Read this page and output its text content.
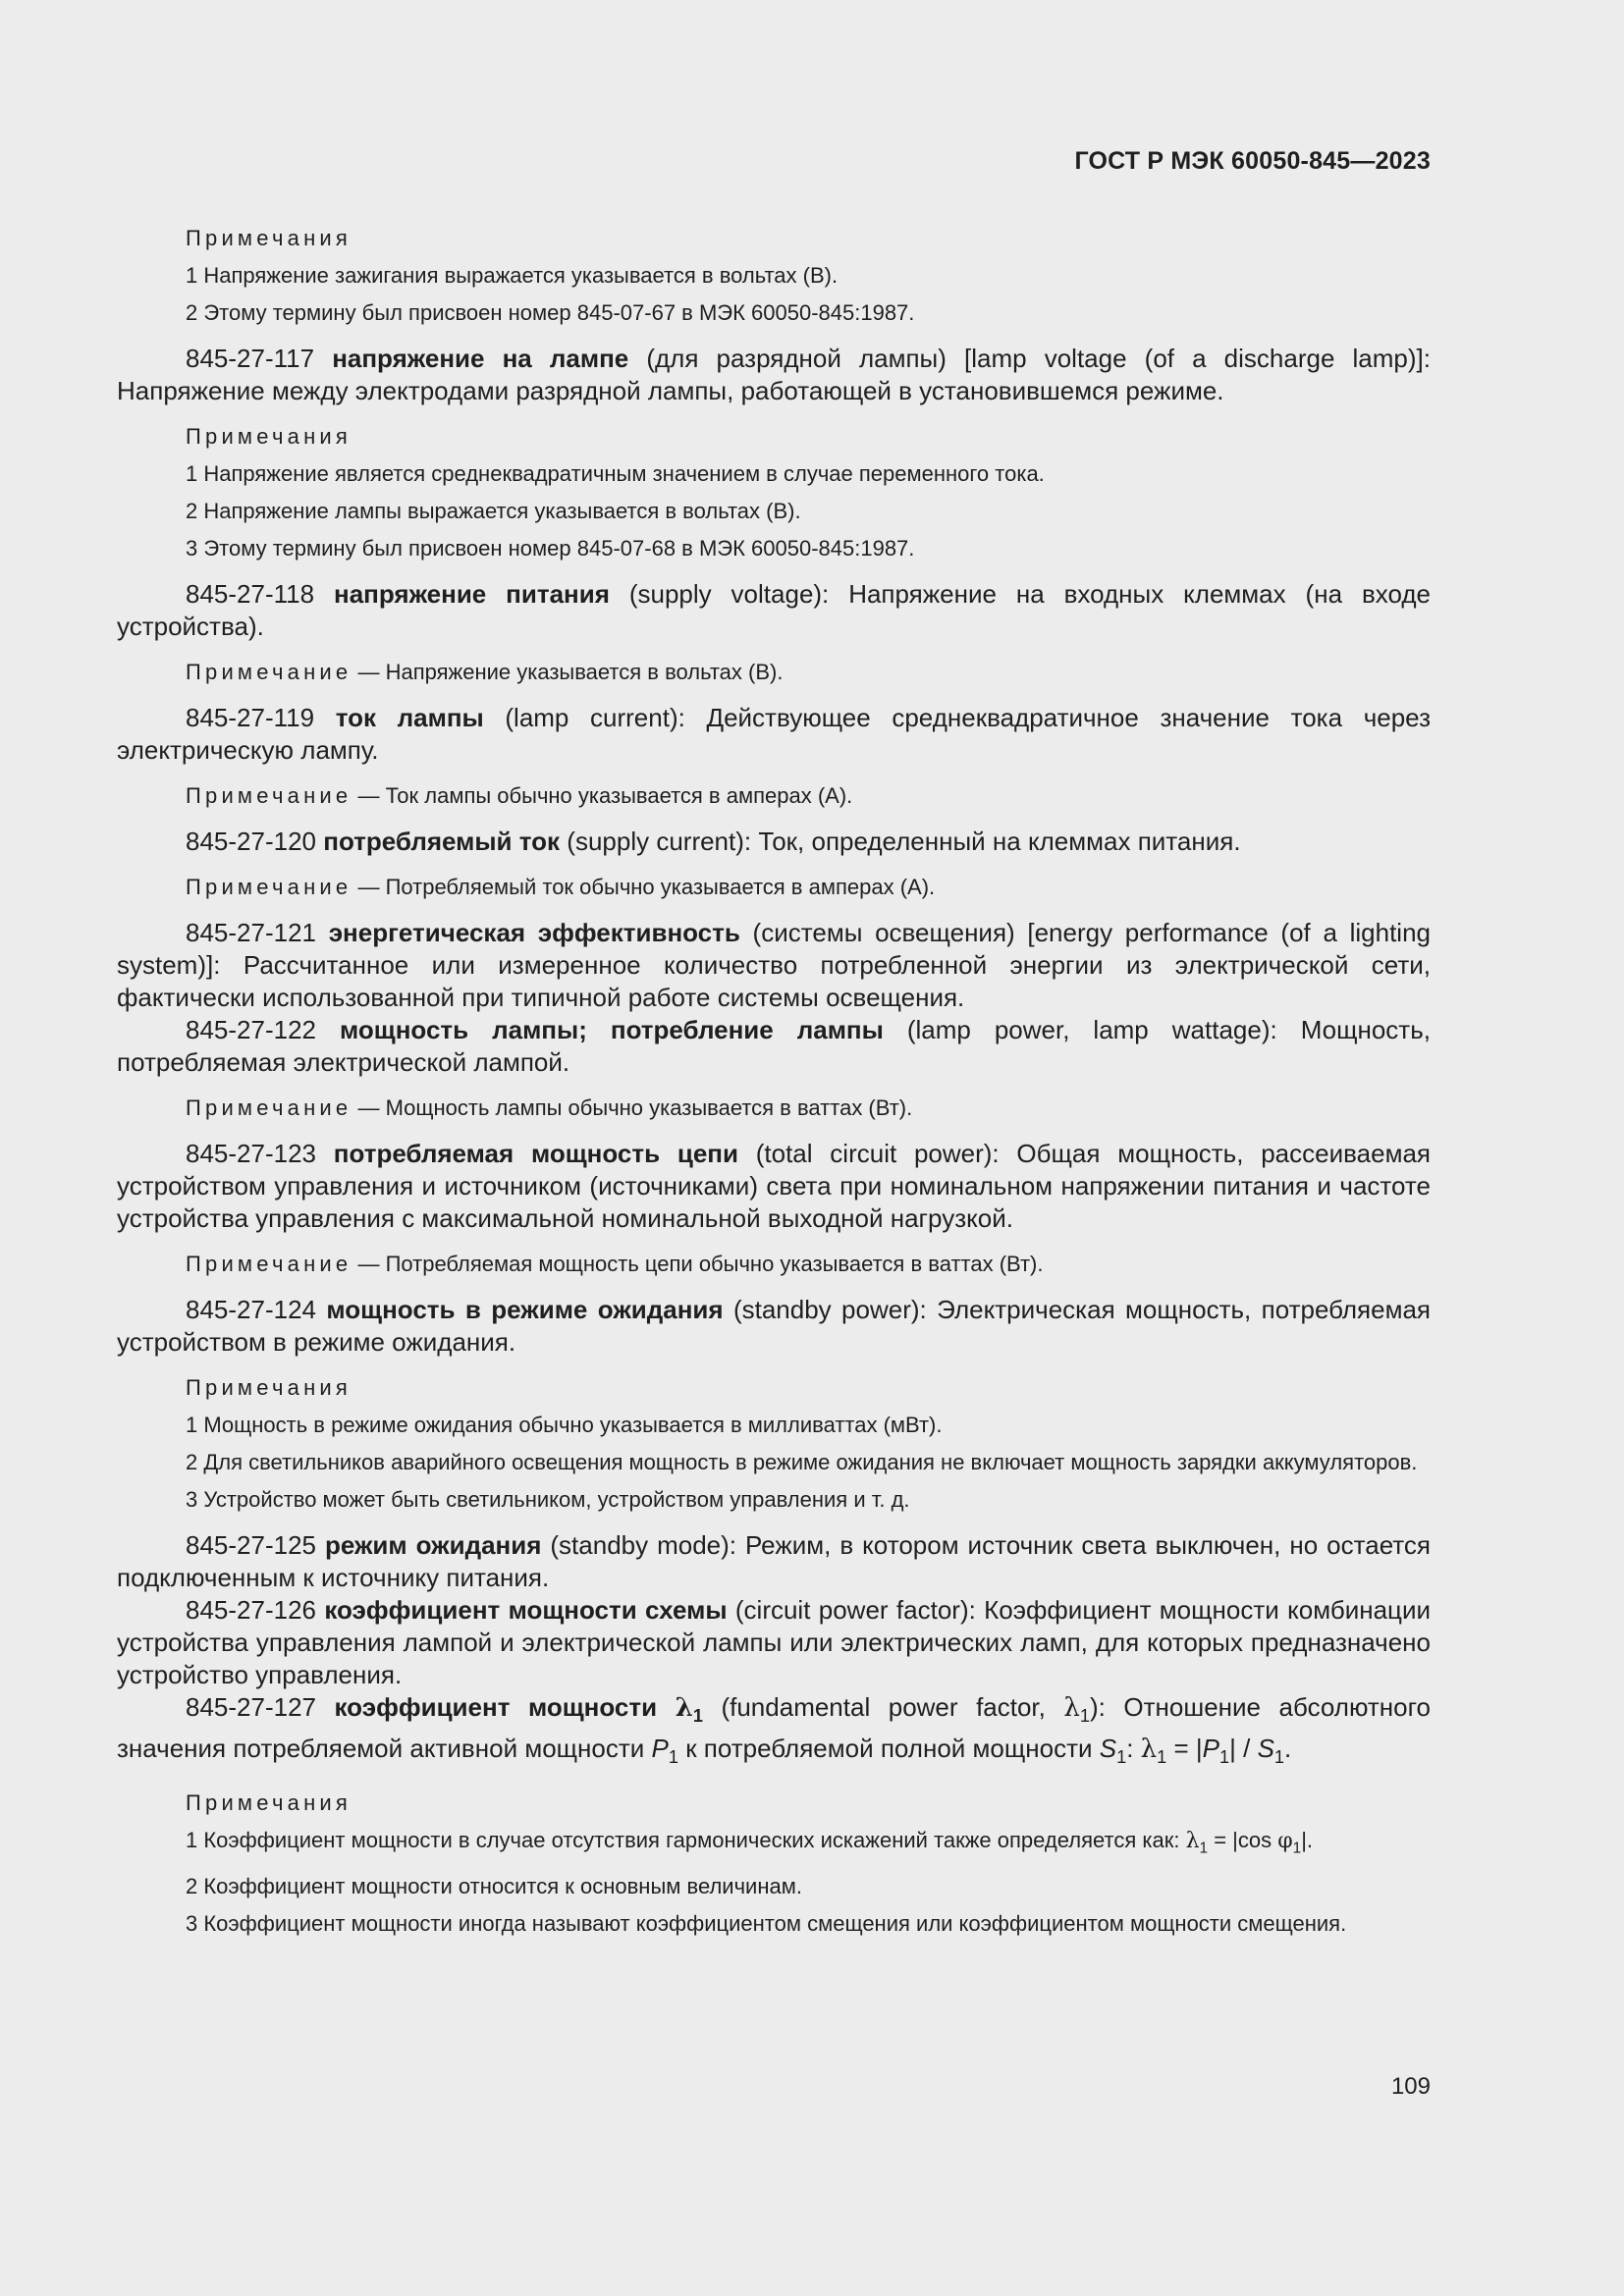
ГОСТ Р МЭК 60050-845—2023

Примечания

1 Напряжение зажигания выражается указывается в вольтах (В).

2 Этому термину был присвоен номер 845-07-67 в МЭК 60050-845:1987.

845-27-117 напряжение на лампе (для разрядной лампы) [lamp voltage (of a discharge lamp)]: Напряжение между электродами разрядной лампы, работающей в установившемся режиме.

Примечания

1 Напряжение является среднеквадратичным значением в случае переменного тока.

2 Напряжение лампы выражается указывается в вольтах (В).

3 Этому термину был присвоен номер 845-07-68 в МЭК 60050-845:1987.

845-27-118 напряжение питания (supply voltage): Напряжение на входных клеммах (на входе устройства).

Примечание — Напряжение указывается в вольтах (В).

845-27-119 ток лампы (lamp current): Действующее среднеквадратичное значение тока через электрическую лампу.

Примечание — Ток лампы обычно указывается в амперах (А).

845-27-120 потребляемый ток (supply current): Ток, определенный на клеммах питания.

Примечание — Потребляемый ток обычно указывается в амперах (А).

845-27-121 энергетическая эффективность (системы освещения) [energy performance (of a lighting system)]: Рассчитанное или измеренное количество потребленной энергии из электрической сети, фактически использованной при типичной работе системы освещения.

845-27-122 мощность лампы; потребление лампы (lamp power, lamp wattage): Мощность, потребляемая электрической лампой.

Примечание — Мощность лампы обычно указывается в ваттах (Вт).

845-27-123 потребляемая мощность цепи (total circuit power): Общая мощность, рассеиваемая устройством управления и источником (источниками) света при номинальном напряжении питания и частоте устройства управления с максимальной номинальной выходной нагрузкой.

Примечание — Потребляемая мощность цепи обычно указывается в ваттах (Вт).

845-27-124 мощность в режиме ожидания (standby power): Электрическая мощность, потребляемая устройством в режиме ожидания.

Примечания

1 Мощность в режиме ожидания обычно указывается в милливаттах (мВт).

2 Для светильников аварийного освещения мощность в режиме ожидания не включает мощность зарядки аккумуляторов.

3 Устройство может быть светильником, устройством управления и т. д.

845-27-125 режим ожидания (standby mode): Режим, в котором источник света выключен, но остается подключенным к источнику питания.

845-27-126 коэффициент мощности схемы (circuit power factor): Коэффициент мощности комбинации устройства управления лампой и электрической лампы или электрических ламп, для которых предназначено устройство управления.

845-27-127 коэффициент мощности $\lambda_1$ (fundamental power factor, $\lambda_1$): Отношение абсолютного значения потребляемой активной мощности $P_1$ к потребляемой полной мощности $S_1$: $\lambda_1 = |P_1| / S_1$.

Примечания

1 Коэффициент мощности в случае отсутствия гармонических искажений также определяется как: $\lambda_1 = |\cos$ $\varphi_1|$.

2 Коэффициент мощности относится к основным величинам.

3 Коэффициент мощности иногда называют коэффициентом смещения или коэффициентом мощности смещения.

109
